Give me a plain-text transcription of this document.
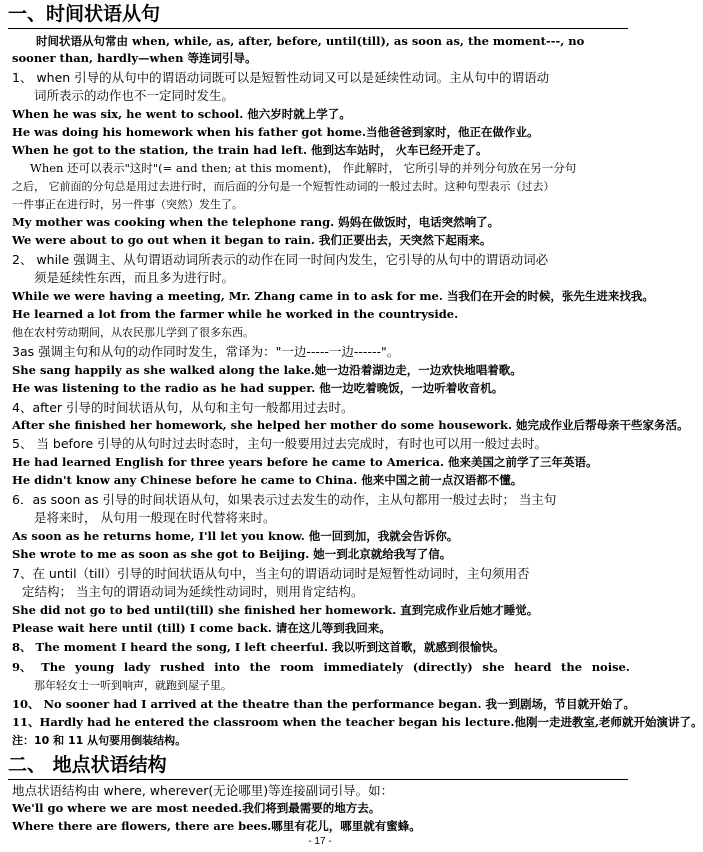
一、时间状语从句
时间状语从句常由 when, while, as, after, before, until(till), as soon as, the moment---, no
sooner than, hardly—when 等连词引导。
1、 when 引导的从句中的谓语动词既可以是短暂性动词又可以是延续性动词。主从句中的谓语动
词所表示的动作也不一定同时发生。
When he was six, he went to school. 他六岁时就上学了。
He was doing his homework when his father got home.当他爸爸到家时，他正在做作业。
When he got to the station, the train had left. 他到达车站时， 火车已经开走了。
When 还可以表示"这时"(= and then; at this moment)， 作此解时， 它所引导的并列分句放在另一分句
之后， 它前面的分句总是用过去进行时，而后面的分句是一个短暂性动词的一般过去时。这种句型表示（过去）
一件事正在进行时，另一件事（突然）发生了。
My mother was cooking when the telephone rang. 妈妈在做饭时，电话突然响了。
We were about to go out when it began to rain. 我们正要出去，天突然下起雨来。
2、 while 强调主、从句谓语动词所表示的动作在同一时间内发生，它引导的从句中的谓语动词必
须是延续性东西，而且多为进行时。
While we were having a meeting, Mr. Zhang came in to ask for me. 当我们在开会的时候，张先生进来找我。
He learned a lot from the farmer while he worked in the countryside.
他在农村劳动期间，从农民那儿学到了很多东西。
3as 强调主句和从句的动作同时发生，常译为："一边-----一边------"。
She sang happily as she walked along the lake.她一边沿着湖边走，一边欢快地唱着歌。
He was listening to the radio as he had supper. 他一边吃着晚饭，一边听着收音机。
4、after 引导的时间状语从句，从句和主句一般都用过去时。
After she finished her homework, she helped her mother do some housework. 她完成作业后帮母亲干些家务活。
5、 当 before 引导的从句时过去时态时，主句一般要用过去完成时，有时也可以用一般过去时。
He had learned English for three years before he came to America. 他来美国之前学了三年英语。
He didn't know any Chinese before he came to China. 他来中国之前一点汉语都不懂。
6．as soon as 引导的时间状语从句，如果表示过去发生的动作，主从句都用一般过去时； 当主句
是将来时， 从句用一般现在时代替将来时。
As soon as he returns home, I'll let you know. 他一回到加，我就会告诉你。
She wrote to me as soon as she got to Beijing. 她一到北京就给我写了信。
7、在 until（till）引导的时间状语从句中，当主句的谓语动词时是短暂性动词时，主句须用否
定结构； 当主句的谓语动词为延续性动词时，则用肯定结构。
She did not go to bed until(till) she finished her homework. 直到完成作业后她才睡觉。
Please wait here until (till) I come back. 请在这儿等到我回来。
8、 The moment I heard the song, I left cheerful. 我以听到这首歌，就感到很愉快。
9、 The young lady rushed into the room immediately (directly) she heard the noise.
那年轻女士一听到响声，就跑到屋子里。
10、 No sooner had I arrived at the theatre than the performance began. 我一到剧场，节目就开始了。
11、Hardly had he entered the classroom when the teacher began his lecture.他刚一走进教室,老师就开始演讲了。
注：10 和 11 从句要用倒装结构。
二、 地点状语结构
地点状语结构由 where, wherever(无论哪里)等连接副词引导。如：
We'll go where we are most needed.我们将到最需要的地方去。
Where there are flowers, there are bees.哪里有花儿，哪里就有蜜蜂。
- 17 -
